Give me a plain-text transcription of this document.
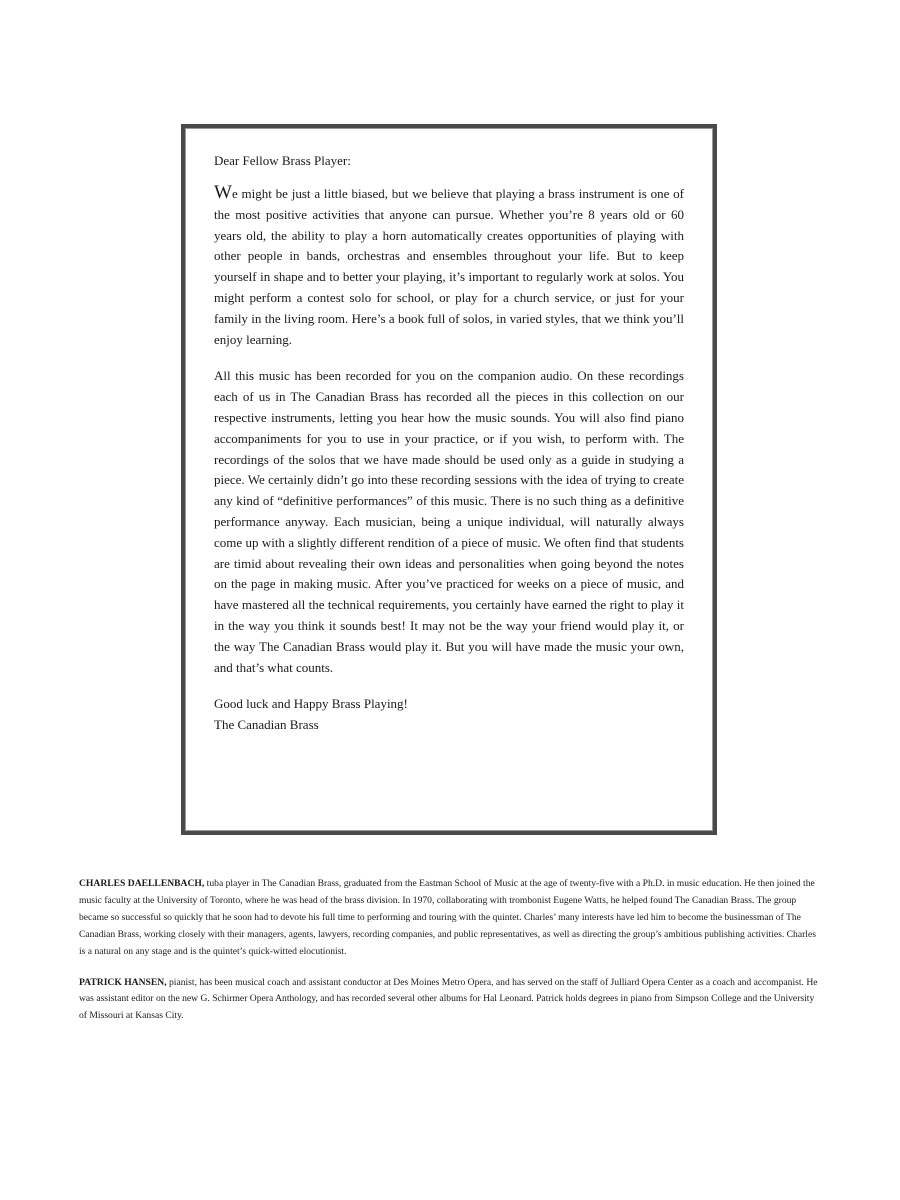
Dear Fellow Brass Player:

We might be just a little biased, but we believe that playing a brass instrument is one of the most positive activities that anyone can pursue. Whether you’re 8 years old or 60 years old, the ability to play a horn automatically creates opportunities of playing with other people in bands, orchestras and ensembles throughout your life. But to keep yourself in shape and to better your playing, it’s important to regularly work at solos. You might perform a contest solo for school, or play for a church service, or just for your family in the living room. Here’s a book full of solos, in varied styles, that we think you’ll enjoy learning.

All this music has been recorded for you on the companion audio. On these recordings each of us in The Canadian Brass has recorded all the pieces in this collection on our respective instruments, letting you hear how the music sounds. You will also find piano accompaniments for you to use in your practice, or if you wish, to perform with. The recordings of the solos that we have made should be used only as a guide in studying a piece. We certainly didn’t go into these recording sessions with the idea of trying to create any kind of “definitive performances” of this music. There is no such thing as a definitive performance anyway. Each musician, being a unique individual, will naturally always come up with a slightly different rendition of a piece of music. We often find that students are timid about revealing their own ideas and personalities when going beyond the notes on the page in making music. After you’ve practiced for weeks on a piece of music, and have mastered all the technical requirements, you certainly have earned the right to play it in the way you think it sounds best! It may not be the way your friend would play it, or the way The Canadian Brass would play it. But you will have made the music your own, and that’s what counts.

Good luck and Happy Brass Playing!
The Canadian Brass

CHARLES DAELLENBACH, tuba player in The Canadian Brass, graduated from the Eastman School of Music at the age of twenty-five with a Ph.D. in music education. He then joined the music faculty at the University of Toronto, where he was head of the brass division. In 1970, collaborating with trombonist Eugene Watts, he helped found The Canadian Brass. The group became so successful so quickly that he soon had to devote his full time to performing and touring with the quintet. Charles’ many interests have led him to become the businessman of The Canadian Brass, working closely with their managers, agents, lawyers, recording companies, and public representatives, as well as directing the group’s ambitious publishing activities. Charles is a natural on any stage and is the quintet’s quick-witted elocutionist.

PATRICK HANSEN, pianist, has been musical coach and assistant conductor at Des Moines Metro Opera, and has served on the staff of Julliard Opera Center as a coach and accompanist. He was assistant editor on the new G. Schirmer Opera Anthology, and has recorded several other albums for Hal Leonard. Patrick holds degrees in piano from Simpson College and the University of Missouri at Kansas City.
